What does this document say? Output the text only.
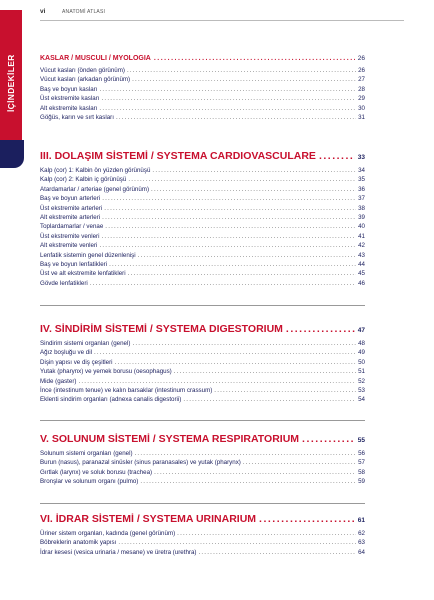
İÇİNDEKİLER
vi	ANATOMİ ATLASI
KASLAR / MUSCULI / MYOLOGIA .....	26
Vücut kasları (önden görünüm) .....	26
Vücut kasları (arkadan görünüm) .....	27
Baş ve boyun kasları .....	28
Üst ekstremite kasları .....	29
Alt ekstremite kasları .....	30
Göğüs, karın ve sırt kasları .....	31
III. DOLAŞIM SİSTEMİ / SYSTEMA CARDIOVASCULARE .....	33
Kalp (cor) 1: Kalbin ön yüzden görünüşü .....	34
Kalp (cor) 2: Kalbin iç görünüşü .....	35
Atardamarlar / arteriae (genel görünüm) .....	36
Baş ve boyun arterleri .....	37
Üst ekstremite arterleri .....	38
Alt ekstremite arterleri .....	39
Toplardamarlar / venae .....	40
Üst ekstremite venleri .....	41
Alt ekstremite venleri .....	42
Lenfatik sistemin genel düzenlenişi .....	43
Baş ve boyun lenfatikleri .....	44
Üst ve alt ekstremite lenfatikleri .....	45
Gövde lenfatikleri .....	46
IV. SİNDİRİM SİSTEMİ / SYSTEMA DIGESTORIUM .....	47
Sindirim sistemi organları (genel) .....	48
Ağız boşluğu ve dil .....	49
Dişin yapısı ve diş çeşitleri .....	50
Yutak (pharynx) ve yemek borusu (oesophagus) .....	51
Mide (gaster) .....	52
İnce (intestinum tenue) ve kalın barsaklar (intestinum crassum) .....	53
Eklenti sindirim organları (adnexa canalis digestorii) .....	54
V. SOLUNUM SİSTEMİ / SYSTEMA RESPIRATORIUM .....	55
Solunum sistemi organları (genel) .....	56
Burun (nasus), paranazal sinüsler (sinus paranasales) ve yutak (pharynx) .....	57
Gırtlak (larynx) ve soluk borusu (trachea) .....	58
Bronşlar ve solunum organı (pulmo) .....	59
VI. İDRAR SİSTEMİ / SYSTEMA URINARIUM .....	61
Üriner sistem organları, kadında (genel görünüm) .....	62
Böbreklerin anatomik yapısı .....	63
İdrar kesesi (vesica urinaria / mesane) ve üretra (urethra) .....	64
